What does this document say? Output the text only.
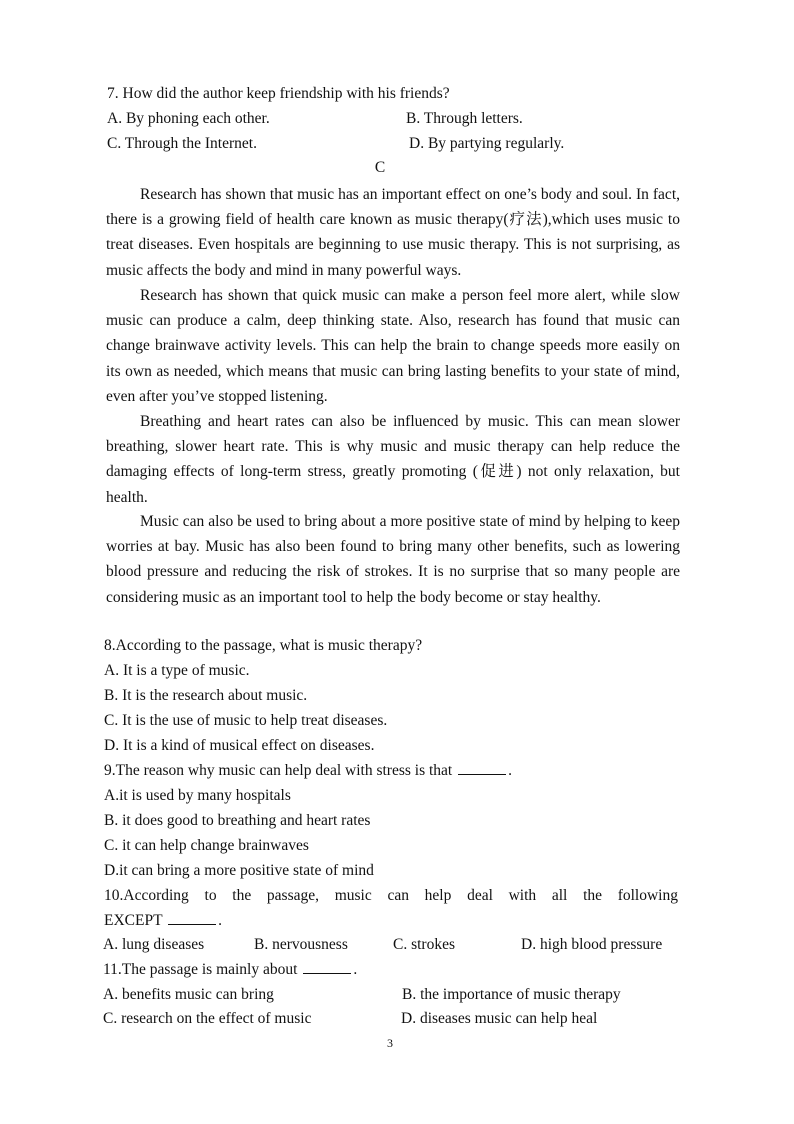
7. How did the author keep friendship with his friends?
A. By phoning each other.	B. Through letters.
C. Through the Internet.	D. By partying regularly.
C
Research has shown that music has an important effect on one’s body and soul. In fact, there is a growing field of health care known as music therapy(疗法),which uses music to treat diseases. Even hospitals are beginning to use music therapy. This is not surprising, as music affects the body and mind in many powerful ways.
Research has shown that quick music can make a person feel more alert, while slow music can produce a calm, deep thinking state. Also, research has found that music can change brainwave activity levels. This can help the brain to change speeds more easily on its own as needed, which means that music can bring lasting benefits to your state of mind, even after you’ve stopped listening.
Breathing and heart rates can also be influenced by music. This can mean slower breathing, slower heart rate. This is why music and music therapy can help reduce the damaging effects of long-term stress, greatly promoting (促进) not only relaxation, but health.
Music can also be used to bring about a more positive state of mind by helping to keep worries at bay. Music has also been found to bring many other benefits, such as lowering blood pressure and reducing the risk of strokes. It is no surprise that so many people are considering music as an important tool to help the body become or stay healthy.
8.According to the passage, what is music therapy?
A. It is a type of music.
B. It is the research about music.
C. It is the use of music to help treat diseases.
D. It is a kind of musical effect on diseases.
9.The reason why music can help deal with stress is that	.
A.it is used by many hospitals
B. it does good to breathing and heart rates
C. it can help change brainwaves
D.it can bring a more positive state of mind
10.According to the passage, music can help deal with all the following
EXCEPT	.
A. lung diseases	B. nervousness	C. strokes	D. high blood pressure
11.The passage is mainly about	.
A. benefits music can bring	B. the importance of music therapy
C. research on the effect of music	D. diseases music can help heal
3
